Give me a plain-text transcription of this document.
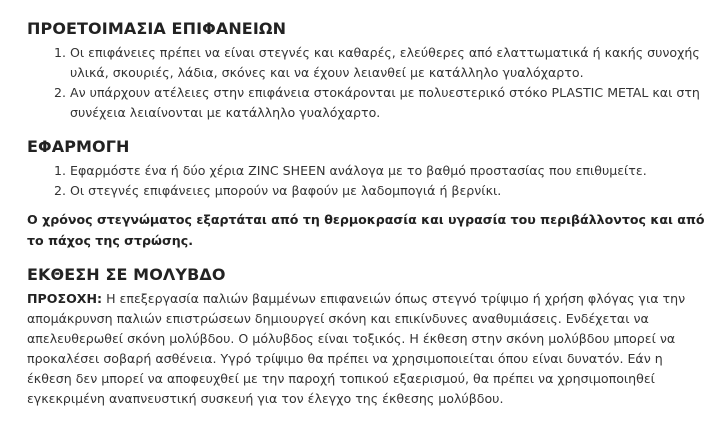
ΠΡΟΕΤΟΙΜΑΣΙΑ ΕΠΙΦΑΝΕΙΩΝ
1. Οι επιφάνειες πρέπει να είναι στεγνές και καθαρές, ελεύθερες από ελαττωματικά ή κακής συνοχής υλικά, σκουριές, λάδια, σκόνες και να έχουν λειανθεί με κατάλληλο γυαλόχαρτο.
2. Αν υπάρχουν ατέλειες στην επιφάνεια στοκάρονται με πολυεστερικό στόκο PLASTIC METAL και στη συνέχεια λειαίνονται με κατάλληλο γυαλόχαρτο.
ΕΦΑΡΜΟΓΗ
1. Εφαρμόστε ένα ή δύο χέρια ZINC SHEEN ανάλογα με το βαθμό προστασίας που επιθυμείτε.
2. Οι στεγνές επιφάνειες μπορούν να βαφούν με λαδομπογιά ή βερνίκι.

Ο χρόνος στεγνώματος εξαρτάται από τη θερμοκρασία και υγρασία του περιβάλλοντος και από το πάχος της στρώσης.

ΕΚΘΕΣΗ ΣΕ ΜΟΛΥΒΔΟ

ΠΡΟΣΟΧΗ: Η επεξεργασία παλιών βαμμένων επιφανειών όπως στεγνό τρίψιμο ή χρήση φλόγας για την απομάκρυνση παλιών επιστρώσεων δημιουργεί σκόνη και επικίνδυνες αναθυμιάσεις. Ενδέχεται να απελευθερωθεί σκόνη μολύβδου. Ο μόλυβδος είναι τοξικός. Η έκθεση στην σκόνη μολύβδου μπορεί να προκαλέσει σοβαρή ασθένεια. Υγρό τρίψιμο θα πρέπει να χρησιμοποιείται όπου είναι δυνατόν. Εάν η έκθεση δεν μπορεί να αποφευχθεί με την παροχή τοπικού εξαερισμού, θα πρέπει να χρησιμοποιηθεί εγκεκριμένη αναπνευστική συσκευή για τον έλεγχο της έκθεσης μολύβδου.
